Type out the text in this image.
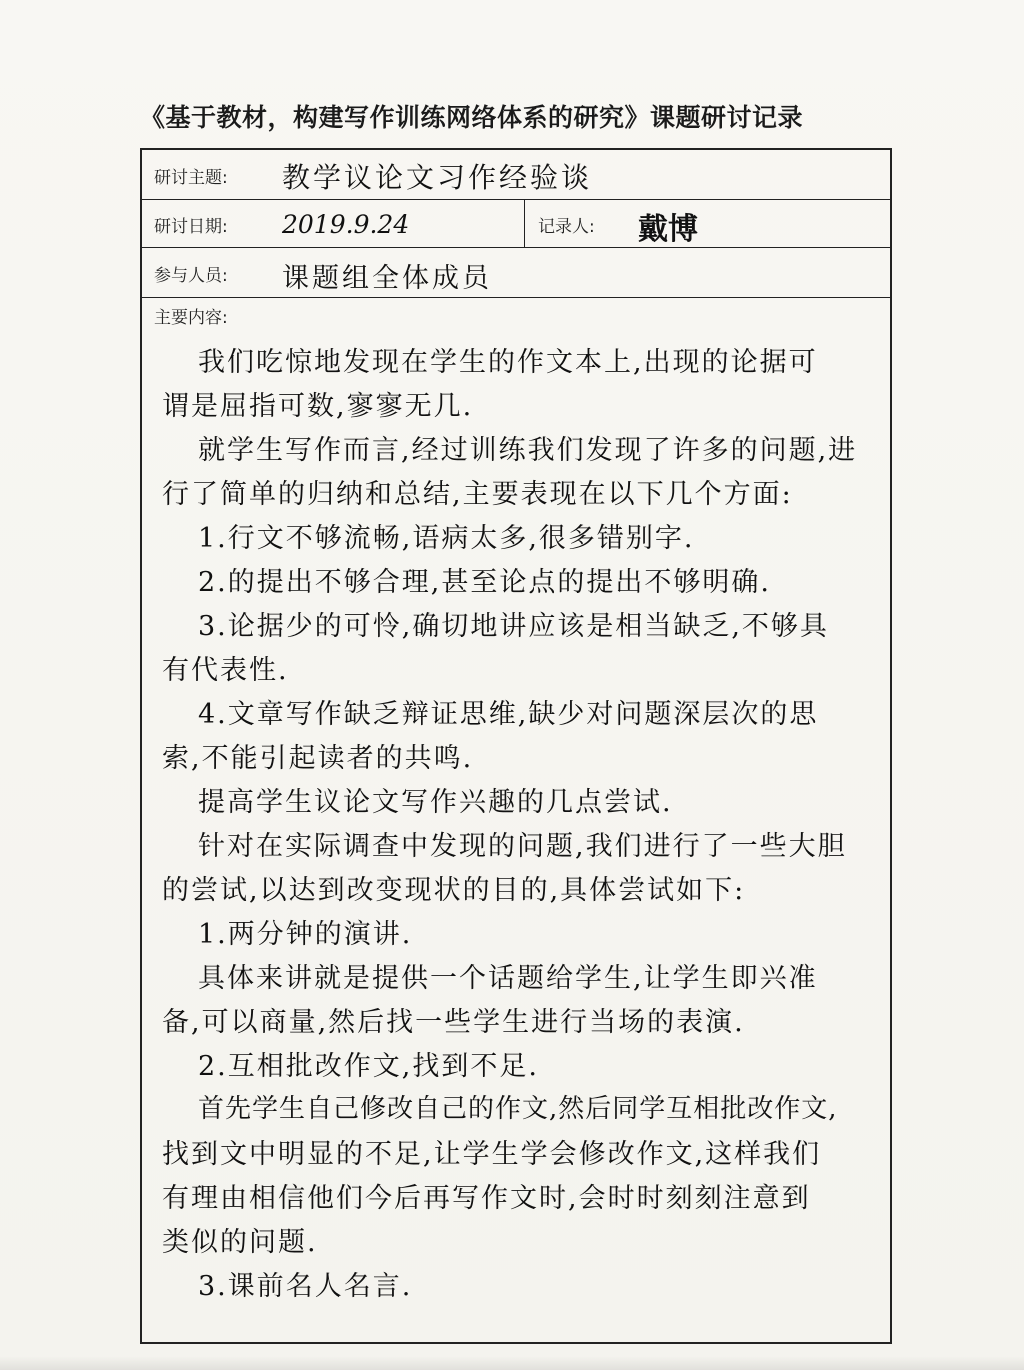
《基于教材，构建写作训练网络体系的研究》课题研讨记录
研讨主题: 教学议论文习作经验谈
研讨日期: 2019.9.24	记录人: 戴博
参与人员: 课题组全体成员
主要内容:
我们吃惊地发现在学生的作文本上,出现的论据可
谓是屈指可数,寥寥无几.
就学生写作而言,经过训练我们发现了许多的问题,进
行了简单的归纳和总结,主要表现在以下几个方面:
1.行文不够流畅,语病太多,很多错别字.
2.的提出不够合理,甚至论点的提出不够明确.
3.论据少的可怜,确切地讲应该是相当缺乏,不够具
有代表性.
4.文章写作缺乏辩证思维,缺少对问题深层次的思
索,不能引起读者的共鸣.
提高学生议论文写作兴趣的几点尝试.
针对在实际调查中发现的问题,我们进行了一些大胆
的尝试,以达到改变现状的目的,具体尝试如下:
1.两分钟的演讲.
具体来讲就是提供一个话题给学生,让学生即兴准
备,可以商量,然后找一些学生进行当场的表演.
2.互相批改作文,找到不足.
首先学生自己修改自己的作文,然后同学互相批改作文,
找到文中明显的不足,让学生学会修改作文,这样我们
有理由相信他们今后再写作文时,会时时刻刻注意到
类似的问题.
3.课前名人名言.
